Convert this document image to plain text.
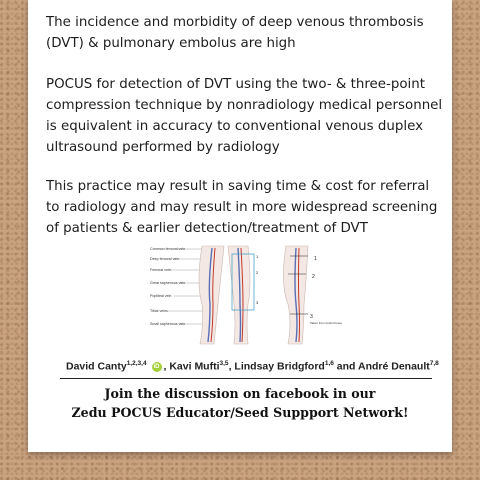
The incidence and morbidity of deep venous thrombosis (DVT) & pulmonary embolus are high

POCUS for detection of DVT using the two- & three-point compression technique by nonradiology medical personnel is equivalent in accuracy to conventional venous duplex ultrasound performed by radiology

This practice may result in saving time & cost for referral to radiology and may result in more widespread screening of patients & earlier detection/treatment of DVT

Common femoral vein
Deep femoral vein
Femoral vein
Great saphenous vein
Popliteal vein
Tibial veins
Small saphenous vein
1
2
3
1
2
3
Taken from behind knee
David Canty$^{1,2,3,4}$ iD , Kavi Mufti$^{3,5}$, Lindsay Bridgford$^{1,6}$ and André Denault$^{7,8}$
Join the discussion on facebook in our
Zedu POCUS Educator/Seed Suppport Network!
